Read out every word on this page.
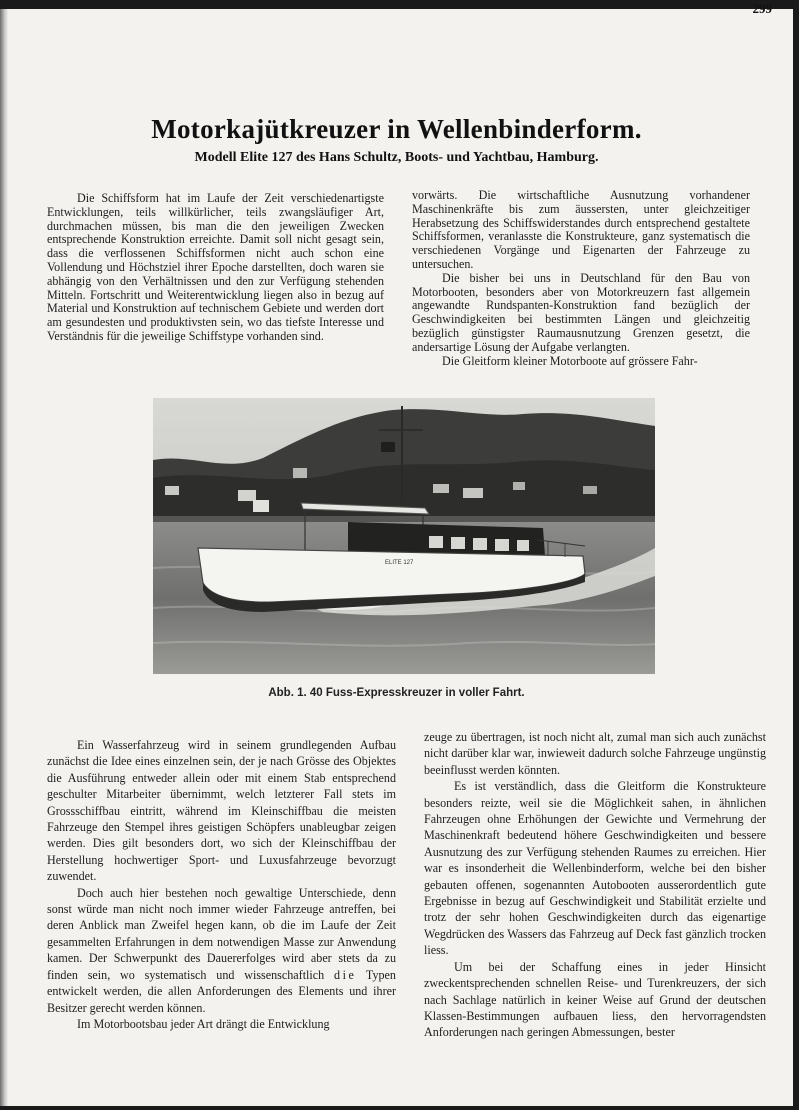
299
Motorkajütkreuzer in Wellenbinderform.
Modell Elite 127 des Hans Schultz, Boots- und Yachtbau, Hamburg.

Die Schiffsform hat im Laufe der Zeit verschiedenartigste Entwicklungen, teils willkürlicher, teils zwangsläufiger Art, durchmachen müssen, bis man die den jeweiligen Zwecken entsprechende Konstruktion erreichte. Damit soll nicht gesagt sein, dass die verflossenen Schiffsformen nicht auch schon eine Vollendung und Höchstziel ihrer Epoche darstellten, doch waren sie abhängig von den Verhältnissen und den zur Verfügung stehenden Mitteln. Fortschritt und Weiterentwicklung liegen also in bezug auf Material und Konstruktion auf technischem Gebiete und werden dort am gesundesten und produktivsten sein, wo das tiefste Interesse und Verständnis für die jeweilige Schiffstype vorhanden sind.

vorwärts. Die wirtschaftliche Ausnutzung vorhandener Maschinenkräfte bis zum äussersten, unter gleichzeitiger Herabsetzung des Schiffswiderstandes durch entsprechend gestaltete Schiffsformen, veranlasste die Konstrukteure, ganz systematisch die verschiedenen Vorgänge und Eigenarten der Fahrzeuge zu untersuchen.

Die bisher bei uns in Deutschland für den Bau von Motorbooten, besonders aber von Motorkreuzern fast allgemein angewandte Rundspanten-Konstruktion fand bezüglich der Geschwindigkeiten bei bestimmten Längen und gleichzeitig bezüglich günstigster Raumausnutzung Grenzen gesetzt, die andersartige Lösung der Aufgabe verlangten.

Die Gleitform kleiner Motorboote auf grössere Fahr-

ELITE 127
Abb. 1. 40 Fuss-Expresskreuzer in voller Fahrt.

Ein Wasserfahrzeug wird in seinem grundlegenden Aufbau zunächst die Idee eines einzelnen sein, der je nach Grösse des Objektes die Ausführung entweder allein oder mit einem Stab entsprechend geschulter Mitarbeiter übernimmt, welch letzterer Fall stets im Grossschiffbau eintritt, während im Kleinschiffbau die meisten Fahrzeuge den Stempel ihres geistigen Schöpfers unableugbar zeigen werden. Dies gilt besonders dort, wo sich der Kleinschiffbau der Herstellung hochwertiger Sport- und Luxusfahrzeuge bevorzugt zuwendet.

Doch auch hier bestehen noch gewaltige Unterschiede, denn sonst würde man nicht noch immer wieder Fahrzeuge antreffen, bei deren Anblick man Zweifel hegen kann, ob die im Laufe der Zeit gesammelten Erfahrungen in dem notwendigen Masse zur Anwendung kamen. Der Schwerpunkt des Dauererfolges wird aber stets da zu finden sein, wo systematisch und wissenschaftlich die Typen entwickelt werden, die allen Anforderungen des Elements und ihrer Besitzer gerecht werden können.

Im Motorbootsbau jeder Art drängt die Entwicklung

zeuge zu übertragen, ist noch nicht alt, zumal man sich auch zunächst nicht darüber klar war, inwieweit dadurch solche Fahrzeuge ungünstig beeinflusst werden könnten.

Es ist verständlich, dass die Gleitform die Konstrukteure besonders reizte, weil sie die Möglichkeit sahen, in ähnlichen Fahrzeugen ohne Erhöhungen der Gewichte und Vermehrung der Maschinenkraft bedeutend höhere Geschwindigkeiten und bessere Ausnutzung des zur Verfügung stehenden Raumes zu erreichen. Hier war es insonderheit die Wellenbinderform, welche bei den bisher gebauten offenen, sogenannten Autobooten ausserordentlich gute Ergebnisse in bezug auf Geschwindigkeit und Stabilität erzielte und trotz der sehr hohen Geschwindigkeiten durch das eigenartige Wegdrücken des Wassers das Fahrzeug auf Deck fast gänzlich trocken liess.

Um bei der Schaffung eines in jeder Hinsicht zweckentsprechenden schnellen Reise- und Turenkreuzers, der sich nach Sachlage natürlich in keiner Weise auf Grund der deutschen Klassen-Bestimmungen aufbauen liess, den hervorragendsten Anforderungen nach geringen Abmessungen, bester
